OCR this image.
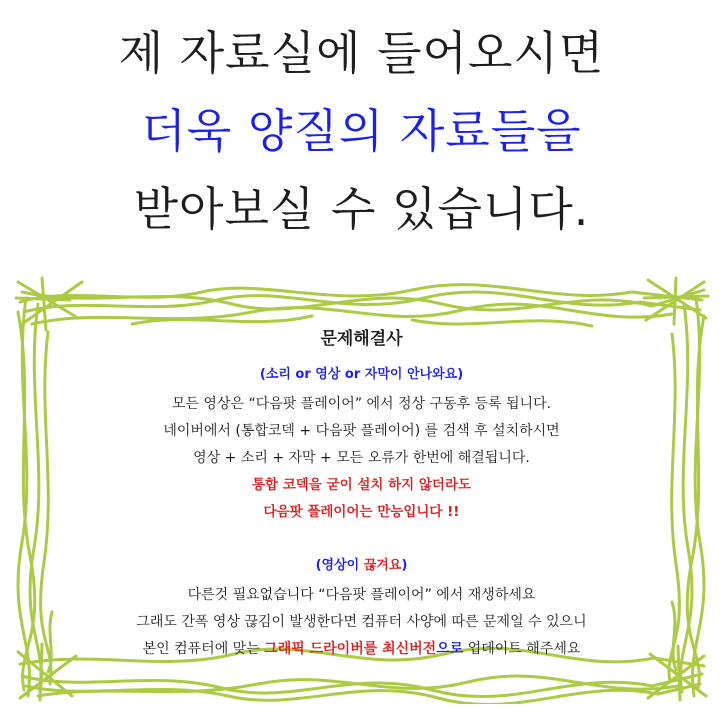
제 자료실에 들어오시면
더욱 양질의 자료들을
받아보실 수 있습니다.
문제해결사
(소리 or 영상 or 자막이 안나와요)
모든 영상은 “다음팟 플레이어” 에서 정상 구동후 등록 됩니다.
네이버에서 (통합코덱 + 다음팟 플레이어) 를 검색 후 설치하시면
영상 + 소리 + 자막 + 모든 오류가 한번에 해결됩니다.
통합 코덱을 굳이 설치 하지 않더라도
다음팟 플레이어는 만능입니다 !!
(영상이 끊겨요)
다른것 필요없습니다 “다음팟 플레이어” 에서 재생하세요
그래도 간폭 영상 끊김이 발생한다면 컴퓨터 사양에 따른 문제일 수 있으니
본인 컴퓨터에 맞는 그래픽 드라이버를 최신버전으로 업데이트 해주세요
